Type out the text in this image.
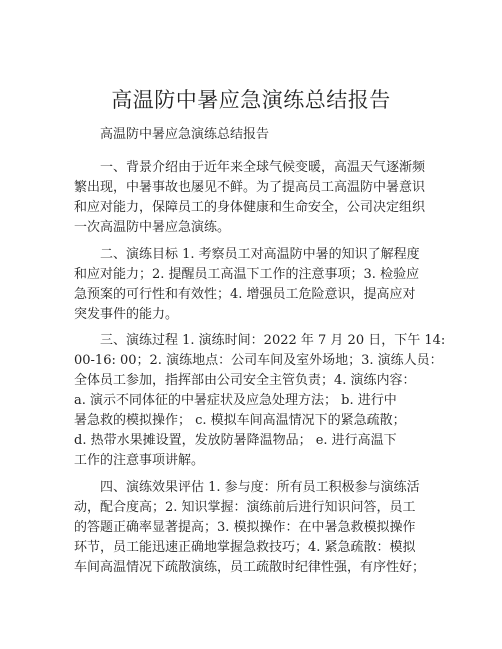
高温防中暑应急演练总结报告
高温防中暑应急演练总结报告
一、背景介绍由于近年来全球气候变暖，高温天气逐渐频
繁出现，中暑事故也屡见不鲜。为了提高员工高温防中暑意识
和应对能力，保障员工的身体健康和生命安全，公司决定组织
一次高温防中暑应急演练。
二、演练目标 1. 考察员工对高温防中暑的知识了解程度
和应对能力；2. 提醒员工高温下工作的注意事项；3. 检验应
急预案的可行性和有效性；4. 增强员工危险意识，提高应对
突发事件的能力。
三、演练过程 1. 演练时间：2022 年 7 月 20 日，下午 14:
00-16: 00；2. 演练地点：公司车间及室外场地；3. 演练人员：
全体员工参加，指挥部由公司安全主管负责；4. 演练内容：
a. 演示不同体征的中暑症状及应急处理方法； b. 进行中
暑急救的模拟操作； c. 模拟车间高温情况下的紧急疏散；
d. 热带水果摊设置，发放防暑降温物品； e. 进行高温下
工作的注意事项讲解。
四、演练效果评估 1. 参与度：所有员工积极参与演练活
动，配合度高；2. 知识掌握：演练前后进行知识问答，员工
的答题正确率显著提高；3. 模拟操作：在中暑急救模拟操作
环节，员工能迅速正确地掌握急救技巧；4. 紧急疏散：模拟
车间高温情况下疏散演练，员工疏散时纪律性强，有序性好；
